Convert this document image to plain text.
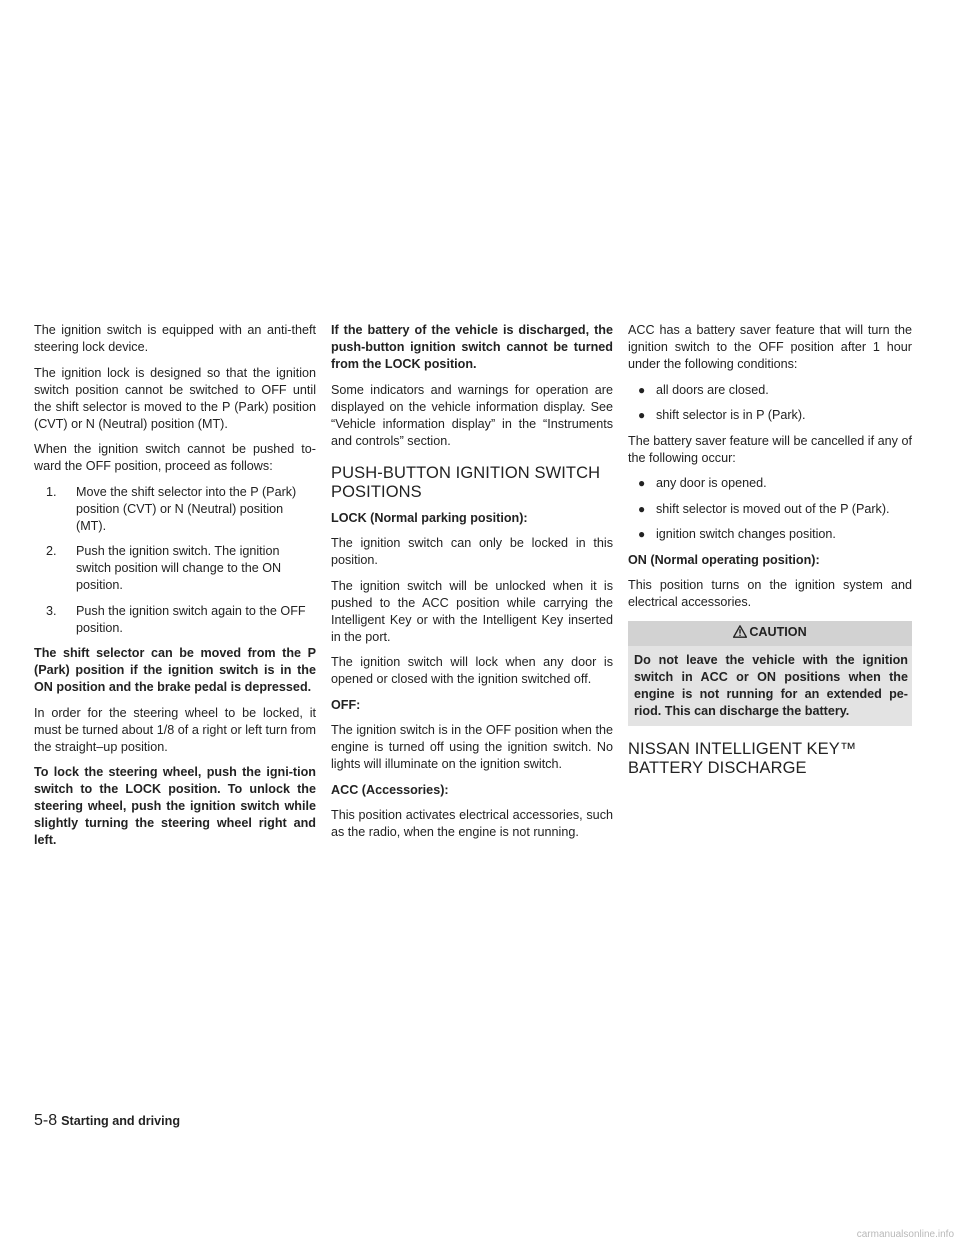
The ignition switch is equipped with an anti-theft steering lock device.

The ignition lock is designed so that the ignition switch position cannot be switched to OFF until the shift selector is moved to the P (Park) position (CVT) or N (Neutral) position (MT).

When the ignition switch cannot be pushed to-ward the OFF position, proceed as follows:

1. Move the shift selector into the P (Park) position (CVT) or N (Neutral) position (MT).
2. Push the ignition switch. The ignition switch position will change to the ON position.
3. Push the ignition switch again to the OFF position.

The shift selector can be moved from the P (Park) position if the ignition switch is in the ON position and the brake pedal is depressed.

In order for the steering wheel to be locked, it must be turned about 1/8 of a right or left turn from the straight–up position.

To lock the steering wheel, push the igni-tion switch to the LOCK position. To unlock the steering wheel, push the ignition switch while slightly turning the steering wheel right and left.

If the battery of the vehicle is discharged, the push-button ignition switch cannot be turned from the LOCK position.

Some indicators and warnings for operation are displayed on the vehicle information display. See “Vehicle information display” in the “Instruments and controls” section.

PUSH-BUTTON IGNITION SWITCH POSITIONS
LOCK (Normal parking position):

The ignition switch can only be locked in this position.

The ignition switch will be unlocked when it is pushed to the ACC position while carrying the Intelligent Key or with the Intelligent Key inserted in the port.

The ignition switch will lock when any door is opened or closed with the ignition switched off.

OFF:

The ignition switch is in the OFF position when the engine is turned off using the ignition switch. No lights will illuminate on the ignition switch.

ACC (Accessories):

This position activates electrical accessories, such as the radio, when the engine is not running.

ACC has a battery saver feature that will turn the ignition switch to the OFF position after 1 hour under the following conditions:

● all doors are closed.
● shift selector is in P (Park).

The battery saver feature will be cancelled if any of the following occur:

● any door is opened.
● shift selector is moved out of the P (Park).
● ignition switch changes position.
ON (Normal operating position):

This position turns on the ignition system and electrical accessories.

CAUTION
Do not leave the vehicle with the ignition switch in ACC or ON positions when the engine is not running for an extended pe-riod. This can discharge the battery.
NISSAN INTELLIGENT KEY™ BATTERY DISCHARGE
5-8 Starting and driving
carmanualsonline.info
